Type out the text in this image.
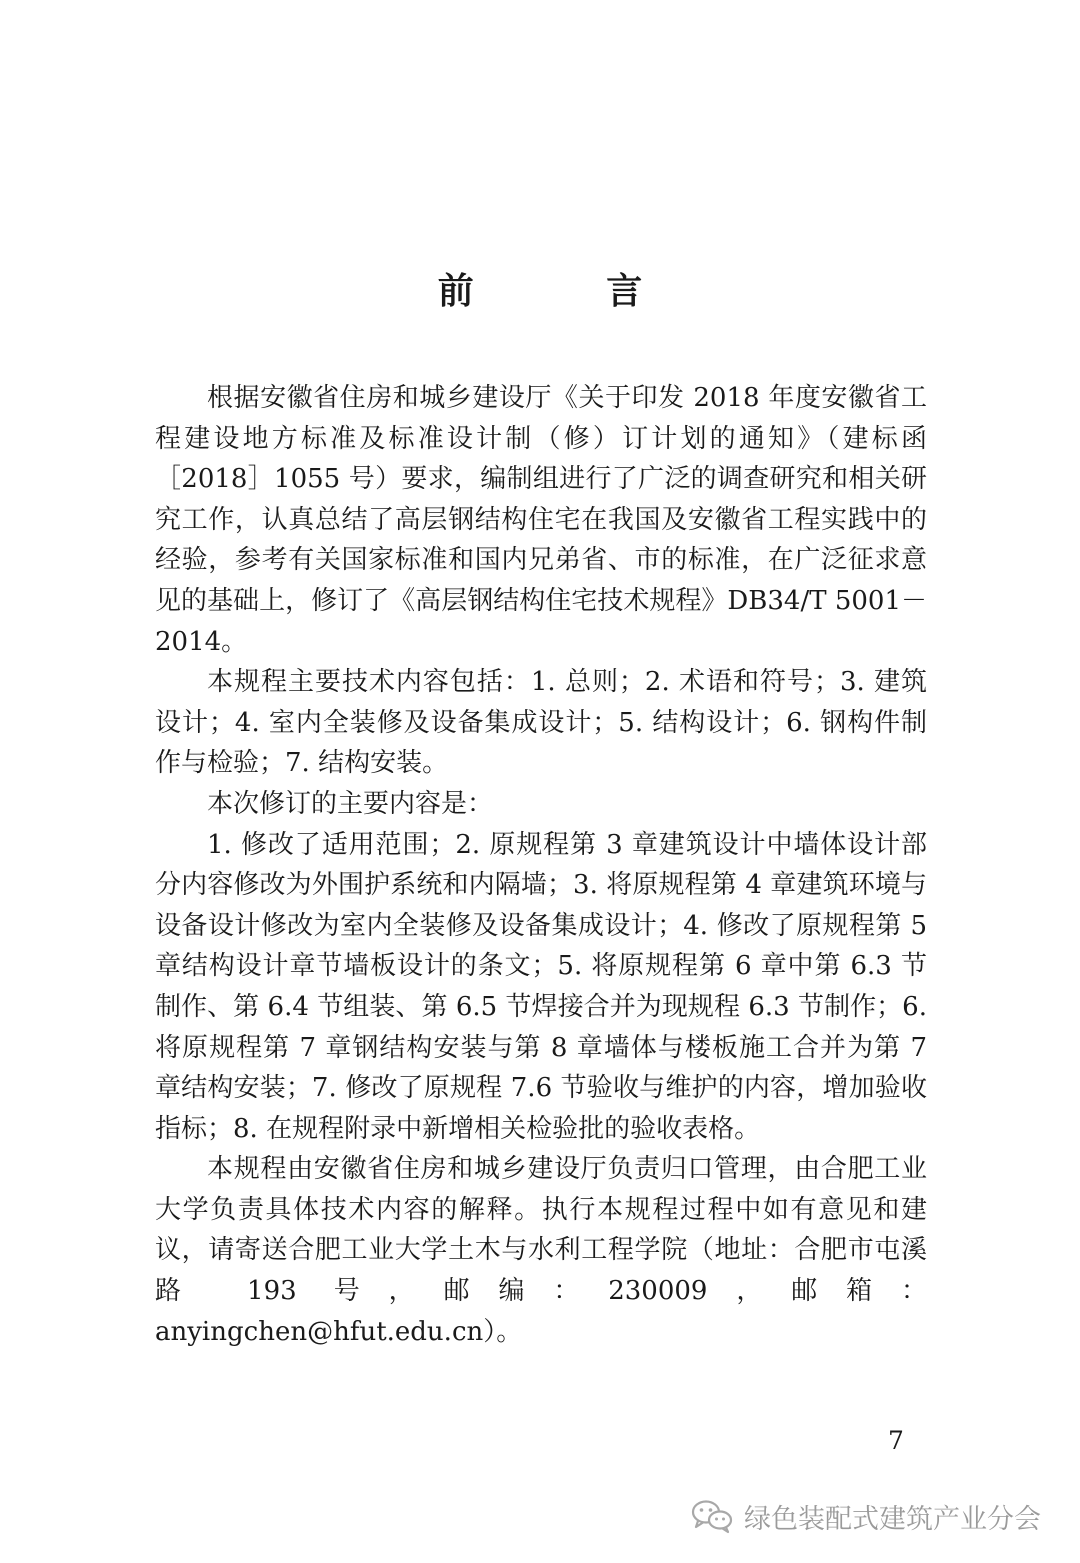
前 言

根据安徽省住房和城乡建设厅《关于印发 2018 年度安徽省工程建设地方标准及标准设计制（修）订计划的通知》（建标函［2018］1055 号）要求，编制组进行了广泛的调查研究和相关研究工作，认真总结了高层钢结构住宅在我国及安徽省工程实践中的经验，参考有关国家标准和国内兄弟省、市的标准，在广泛征求意见的基础上，修订了《高层钢结构住宅技术规程》DB34/T 5001－2014。

本规程主要技术内容包括：1. 总则；2. 术语和符号；3. 建筑设计；4. 室内全装修及设备集成设计；5. 结构设计；6. 钢构件制作与检验；7. 结构安装。

本次修订的主要内容是：

1. 修改了适用范围；2. 原规程第 3 章建筑设计中墙体设计部分内容修改为外围护系统和内隔墙；3. 将原规程第 4 章建筑环境与设备设计修改为室内全装修及设备集成设计；4. 修改了原规程第 5 章结构设计章节墙板设计的条文；5. 将原规程第 6 章中第 6.3 节制作、第 6.4 节组装、第 6.5 节焊接合并为现规程 6.3 节制作；6. 将原规程第 7 章钢结构安装与第 8 章墙体与楼板施工合并为第 7 章结构安装；7. 修改了原规程 7.6 节验收与维护的内容，增加验收指标；8. 在规程附录中新增相关检验批的验收表格。

本规程由安徽省住房和城乡建设厅负责归口管理，由合肥工业大学负责具体技术内容的解释。执行本规程过程中如有意见和建议，请寄送合肥工业大学土木与水利工程学院（地址：合肥市屯溪路 193 号，邮编：230009，邮箱：anyingchen@hfut.edu.cn）。

7
绿色装配式建筑产业分会
